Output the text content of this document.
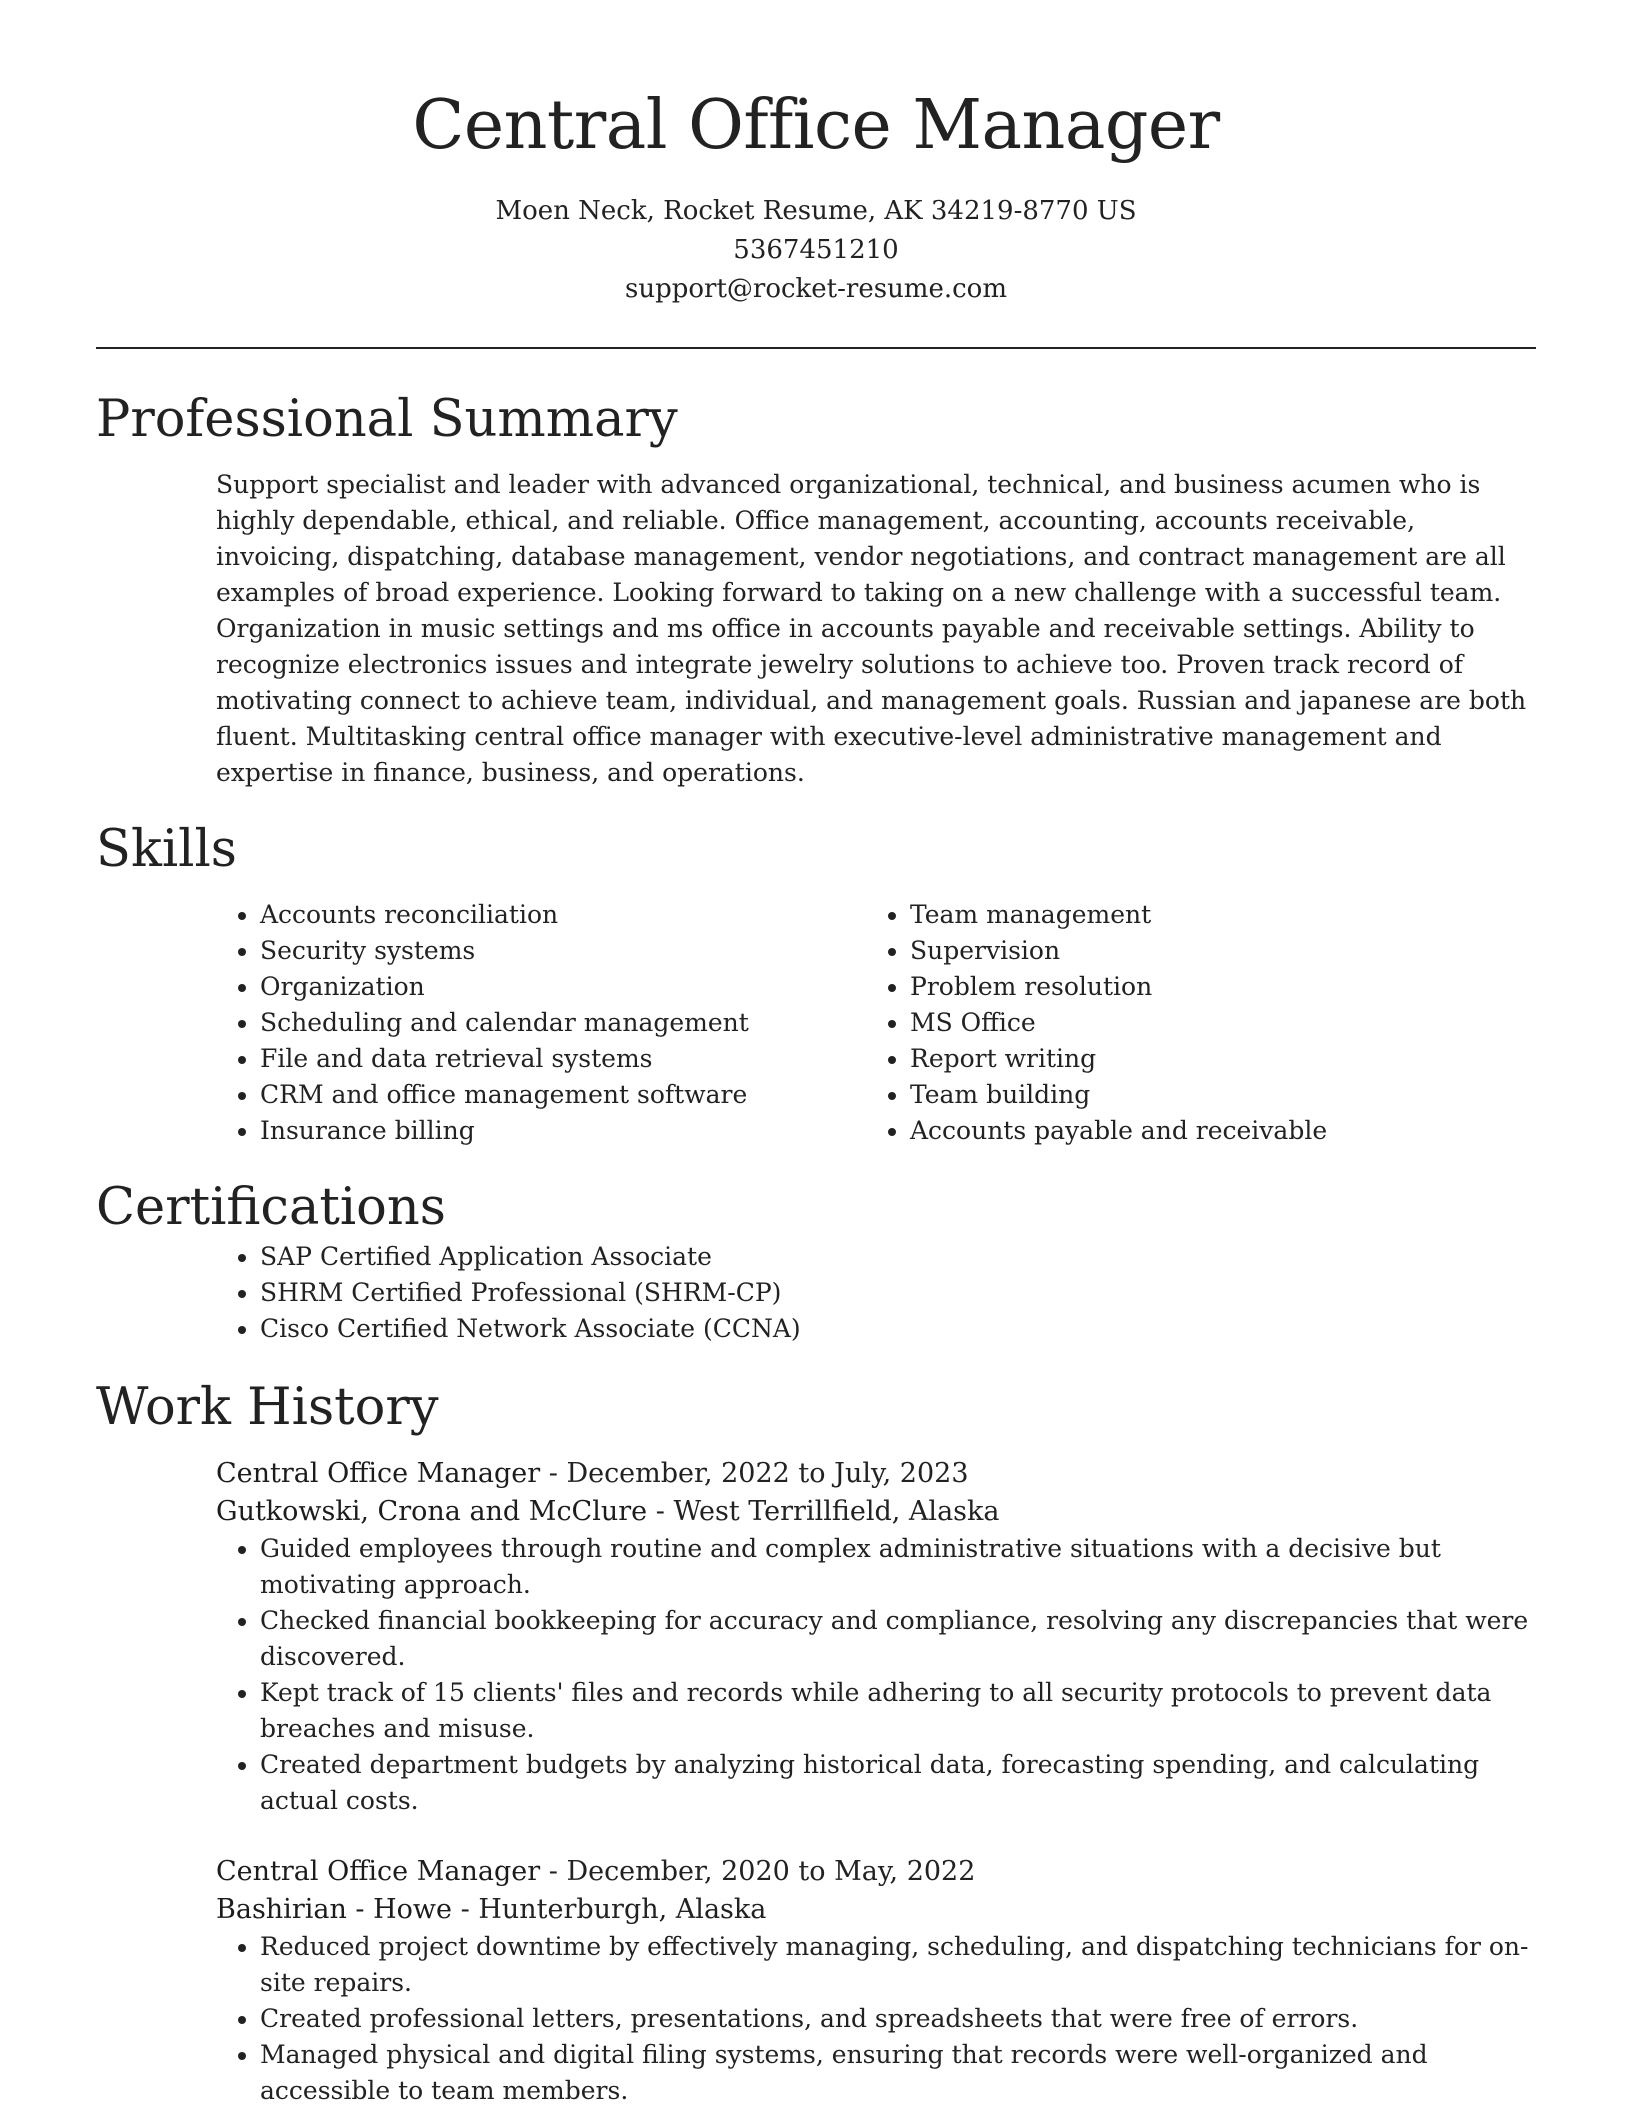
Central Office Manager
Moen Neck, Rocket Resume, AK 34219-8770 US
5367451210
support@rocket-resume.com
Professional Summary

Support specialist and leader with advanced organizational, technical, and business acumen who is highly dependable, ethical, and reliable. Office management, accounting, accounts receivable, invoicing, dispatching, database management, vendor negotiations, and contract management are all examples of broad experience. Looking forward to taking on a new challenge with a successful team. Organization in music settings and ms office in accounts payable and receivable settings. Ability to recognize electronics issues and integrate jewelry solutions to achieve too. Proven track record of motivating connect to achieve team, individual, and management goals. Russian and japanese are both fluent. Multitasking central office manager with executive-level administrative management and expertise in finance, business, and operations.

Skills
• Accounts reconciliation
• Security systems
• Organization
• Scheduling and calendar management
• File and data retrieval systems
• CRM and office management software
• Insurance billing
• Team management
• Supervision
• Problem resolution
• MS Office
• Report writing
• Team building
• Accounts payable and receivable
Certifications
• SAP Certified Application Associate
• SHRM Certified Professional (SHRM-CP)
• Cisco Certified Network Associate (CCNA)
Work History
Central Office Manager - December, 2022 to July, 2023
Gutkowski, Crona and McClure - West Terrillfield, Alaska
• Guided employees through routine and complex administrative situations with a decisive but motivating approach.
• Checked financial bookkeeping for accuracy and compliance, resolving any discrepancies that were discovered.
• Kept track of 15 clients' files and records while adhering to all security protocols to prevent data breaches and misuse.
• Created department budgets by analyzing historical data, forecasting spending, and calculating actual costs.
Central Office Manager - December, 2020 to May, 2022
Bashirian - Howe - Hunterburgh, Alaska
• Reduced project downtime by effectively managing, scheduling, and dispatching technicians for on-site repairs.
• Created professional letters, presentations, and spreadsheets that were free of errors.
• Managed physical and digital filing systems, ensuring that records were well-organized and accessible to team members.
